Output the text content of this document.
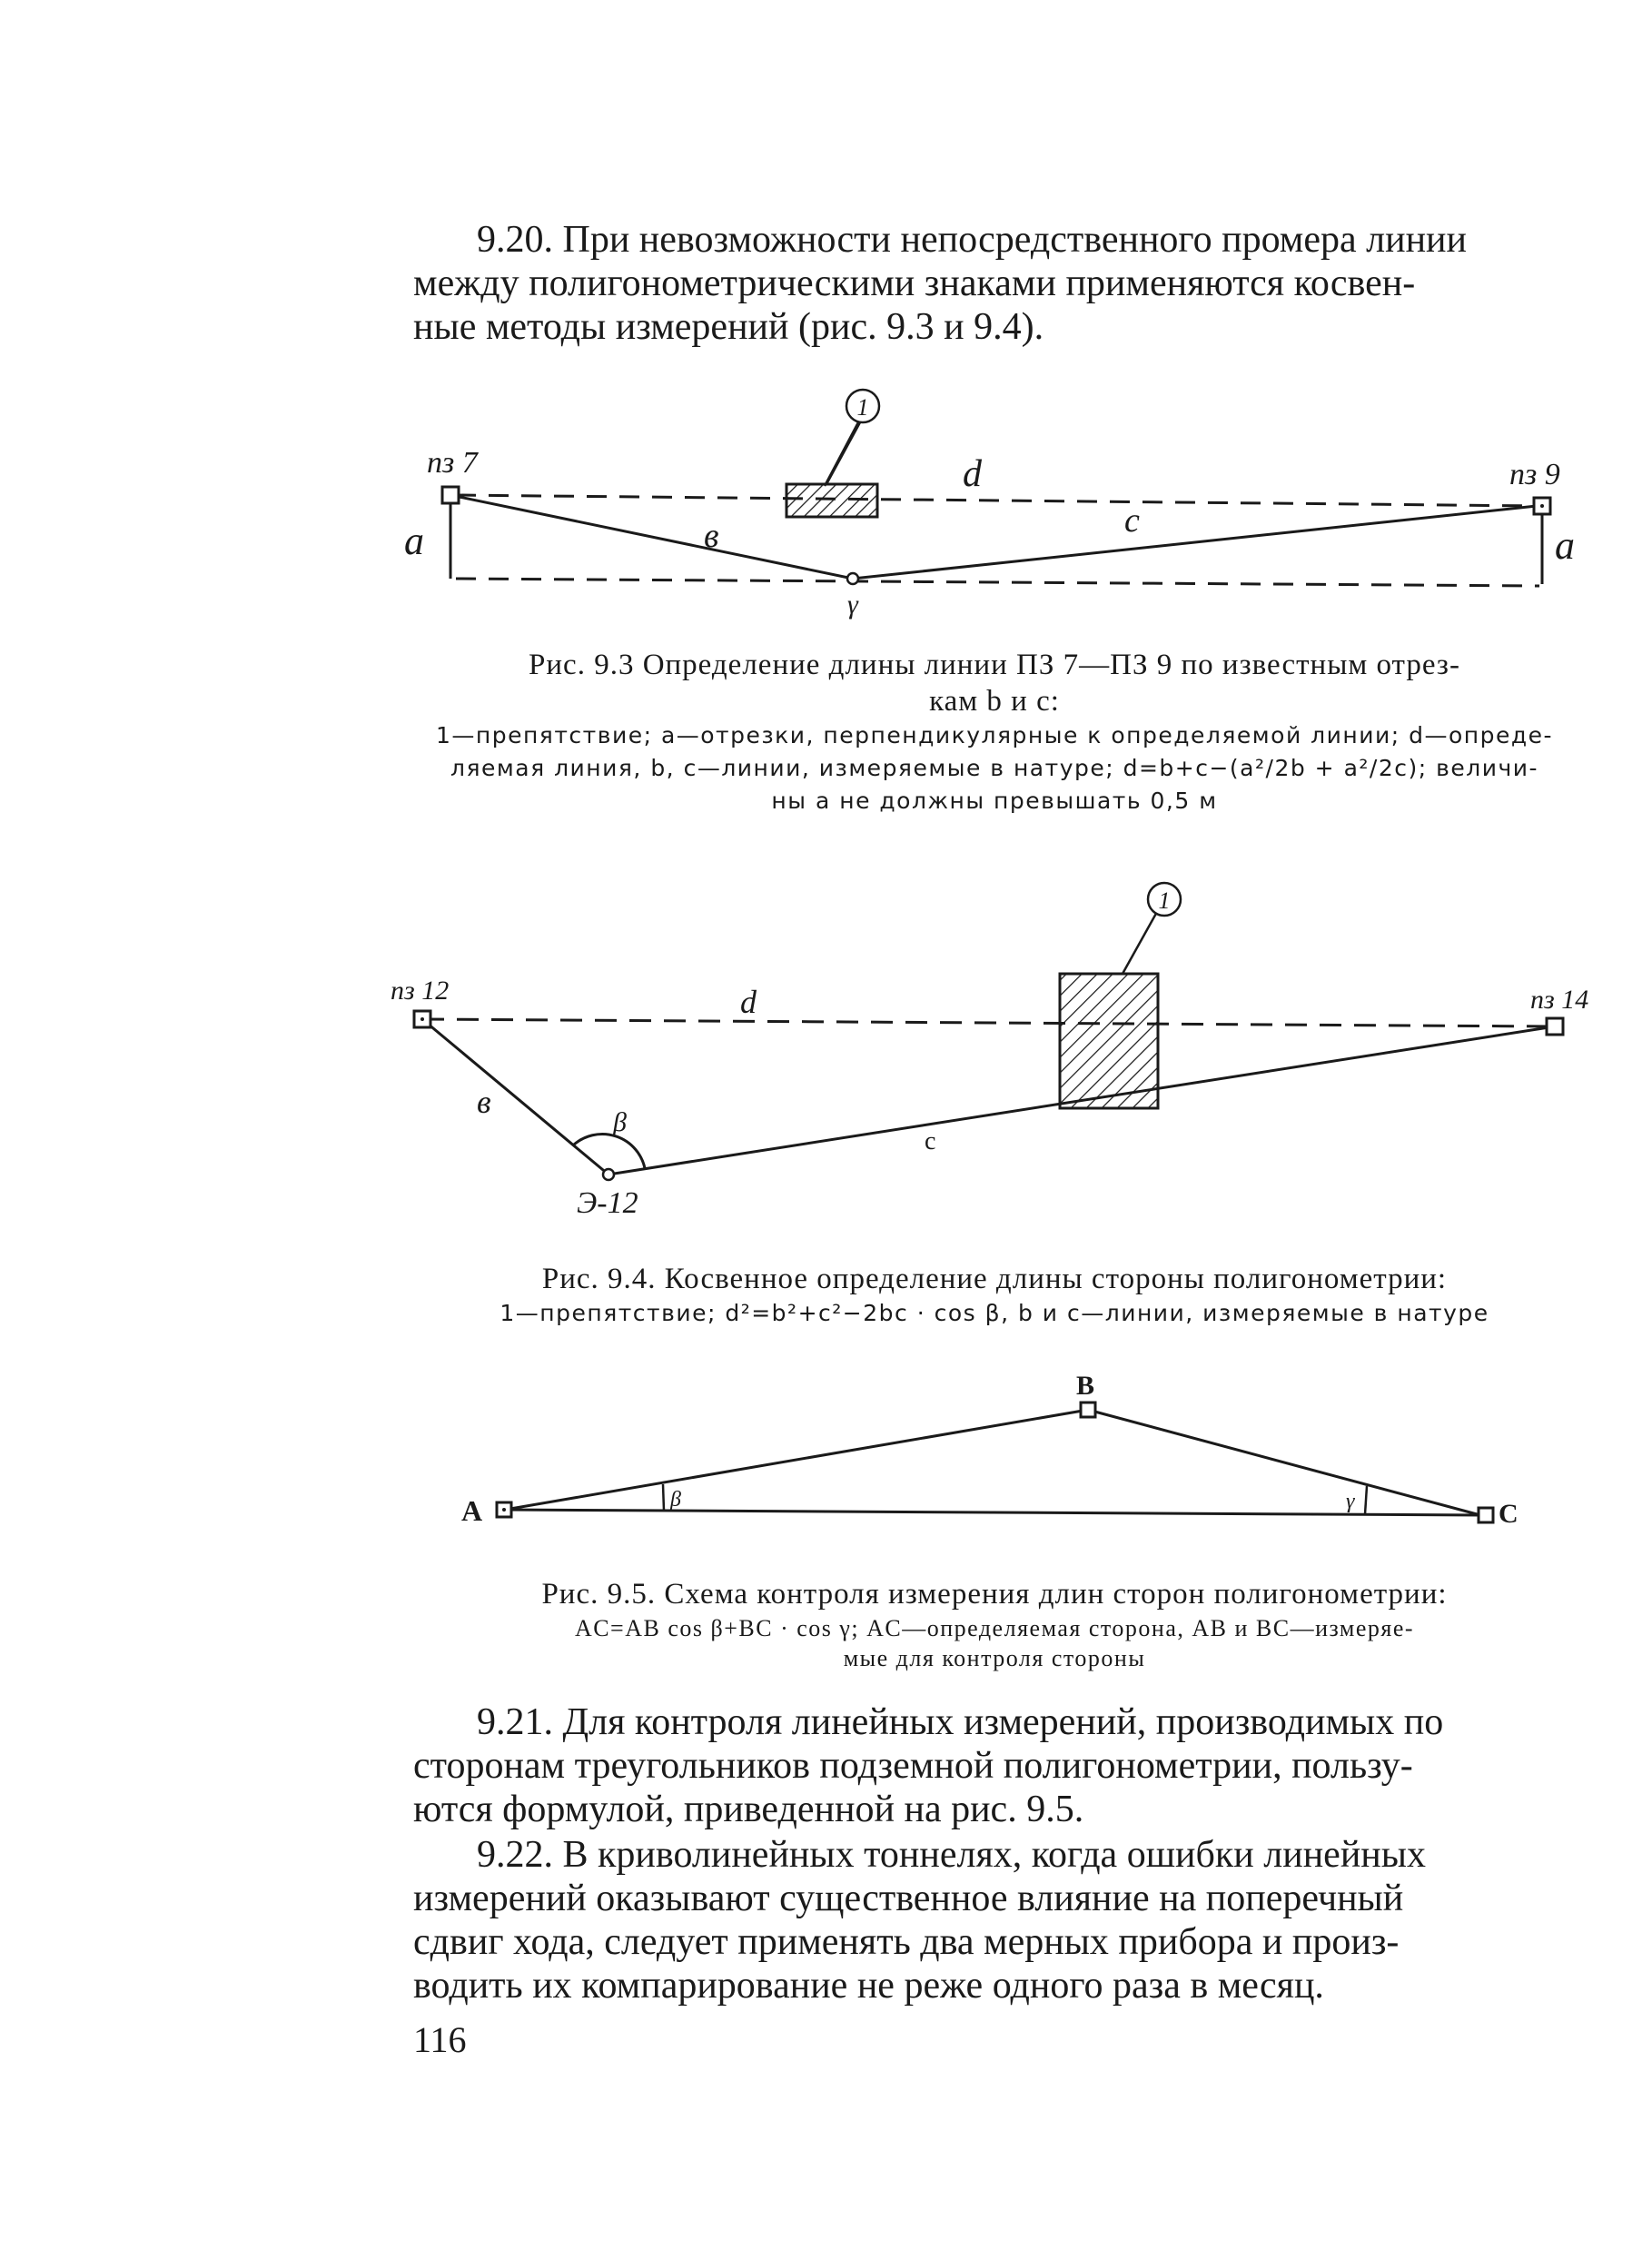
9.20. При невозможности непосредственного промера линии
между полигонометрическими знаками применяются косвен-
ные методы измерений (рис. 9.3 и 9.4).
1
пз 7	пз 9
d
в	с
а	а
γ
Рис. 9.3 Определение длины линии ПЗ 7—ПЗ 9 по известным отрез-
кам b и с:
1—препятствие; а—отрезки, перпендикулярные к определяемой линии; d—опреде-
ляемая линия, b, с—линии, измеряемые в натуре; d=b+c−(a²/2b + a²/2c); величи-
ны а не должны превышать 0,5 м
1
пз 12	пз 14
d
в
с
β
Э-12
Рис. 9.4. Косвенное определение длины стороны полигонометрии:
1—препятствие; d²=b²+c²−2bc · cos β, b и с—линии, измеряемые в натуре
А
В
С
β	γ
Рис. 9.5. Схема контроля измерения длин сторон полигонометрии:
AC=AB cos β+BC · cos γ; AC—определяемая сторона, AB и BC—измеряе-
мые для контроля стороны
9.21. Для контроля линейных измерений, производимых по
сторонам треугольников подземной полигонометрии, пользу-
ются формулой, приведенной на рис. 9.5.
9.22. В криволинейных тоннелях, когда ошибки линейных
измерений оказывают существенное влияние на поперечный
сдвиг хода, следует применять два мерных прибора и произ-
водить их компарирование не реже одного раза в месяц.
116
